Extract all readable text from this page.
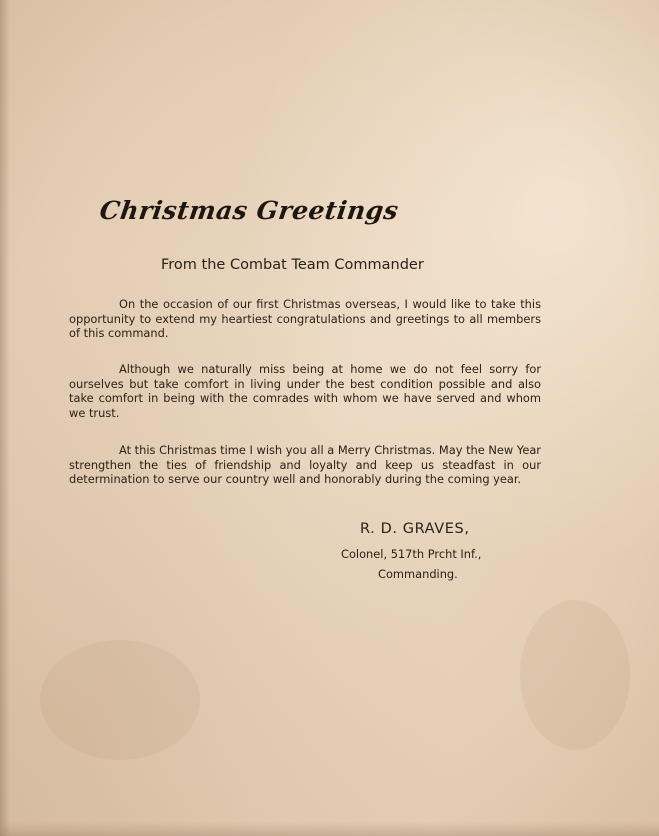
Christmas Greetings
From the Combat Team Commander

On the occasion of our first Christmas overseas, I would like to take this opportunity to extend my heartiest congratulations and greetings to all members of this command.

Although we naturally miss being at home we do not feel sorry for ourselves but take comfort in living under the best condition possible and also take comfort in being with the comrades with whom we have served and whom we trust.

At this Christmas time I wish you all a Merry Christmas. May the New Year strengthen the ties of friendship and loyalty and keep us steadfast in our determination to serve our country well and honorably during the coming year.

R. D. GRAVES,
Colonel, 517th Prcht Inf.,
Commanding.
